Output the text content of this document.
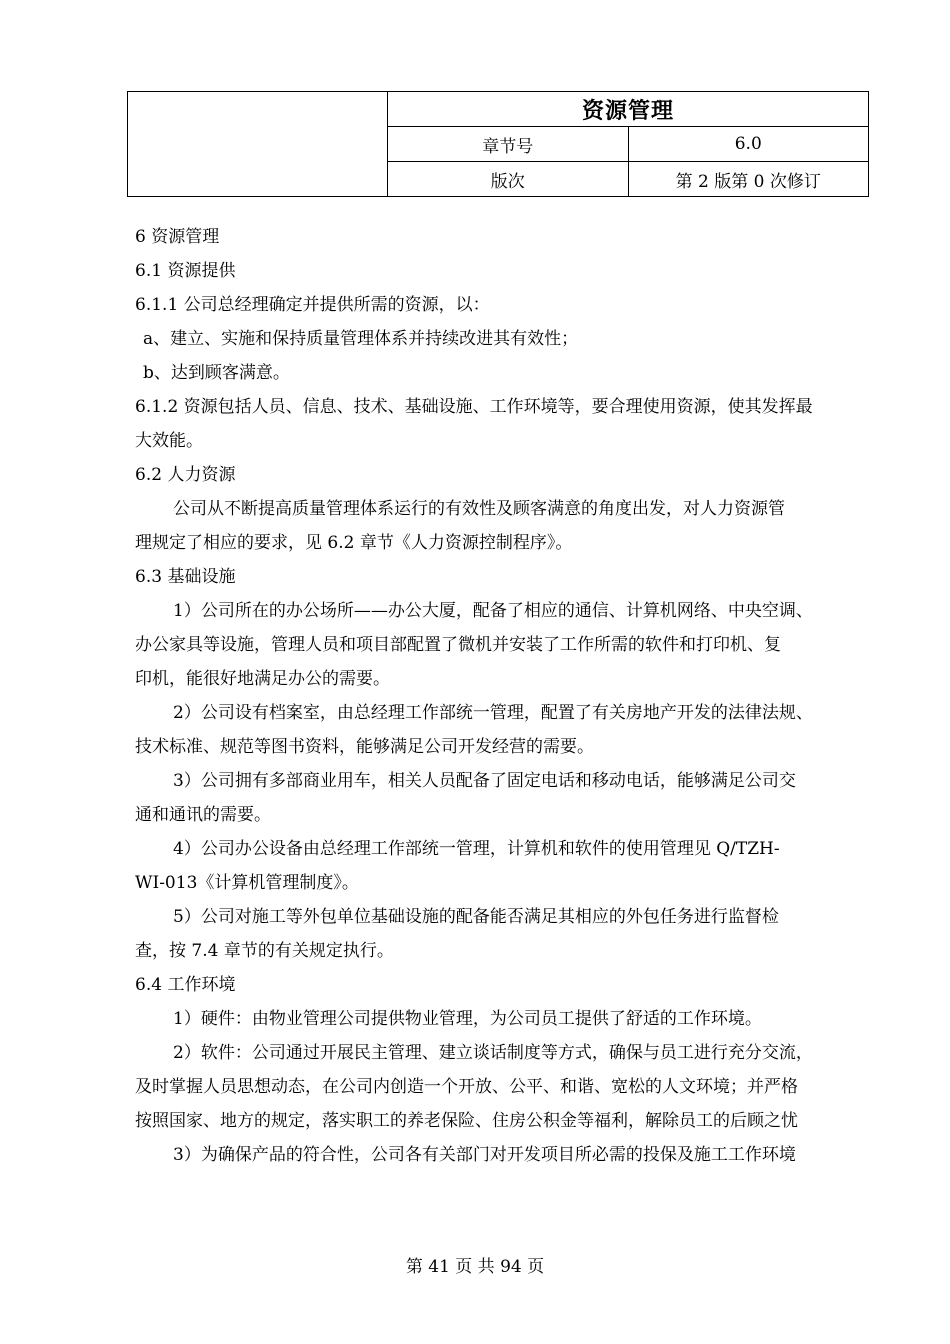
	资源管理	
	章节号	6.0
	版次	第 2 版第 0 次修订
6 资源管理
6.1 资源提供
6.1.1 公司总经理确定并提供所需的资源，以：
a、建立、实施和保持质量管理体系并持续改进其有效性；
b、达到顾客满意。
6.1.2 资源包括人员、信息、技术、基础设施、工作环境等，要合理使用资源，使其发挥最
大效能。
6.2 人力资源
公司从不断提高质量管理体系运行的有效性及顾客满意的角度出发，对人力资源管
理规定了相应的要求，见 6.2 章节《人力资源控制程序》。
6.3 基础设施
1）公司所在的办公场所——办公大厦，配备了相应的通信、计算机网络、中央空调、
办公家具等设施，管理人员和项目部配置了微机并安装了工作所需的软件和打印机、复
印机，能很好地满足办公的需要。
2）公司设有档案室，由总经理工作部统一管理，配置了有关房地产开发的法律法规、
技术标准、规范等图书资料，能够满足公司开发经营的需要。
3）公司拥有多部商业用车，相关人员配备了固定电话和移动电话，能够满足公司交
通和通讯的需要。
4）公司办公设备由总经理工作部统一管理，计算机和软件的使用管理见 Q/TZH-
WI-013《计算机管理制度》。
5）公司对施工等外包单位基础设施的配备能否满足其相应的外包任务进行监督检
查，按 7.4 章节的有关规定执行。
6.4 工作环境
1）硬件：由物业管理公司提供物业管理，为公司员工提供了舒适的工作环境。
2）软件：公司通过开展民主管理、建立谈话制度等方式，确保与员工进行充分交流，
及时掌握人员思想动态，在公司内创造一个开放、公平、和谐、宽松的人文环境；并严格
按照国家、地方的规定，落实职工的养老保险、住房公积金等福利，解除员工的后顾之忧
3）为确保产品的符合性，公司各有关部门对开发项目所必需的投保及施工工作环境
第 41 页 共 94 页
